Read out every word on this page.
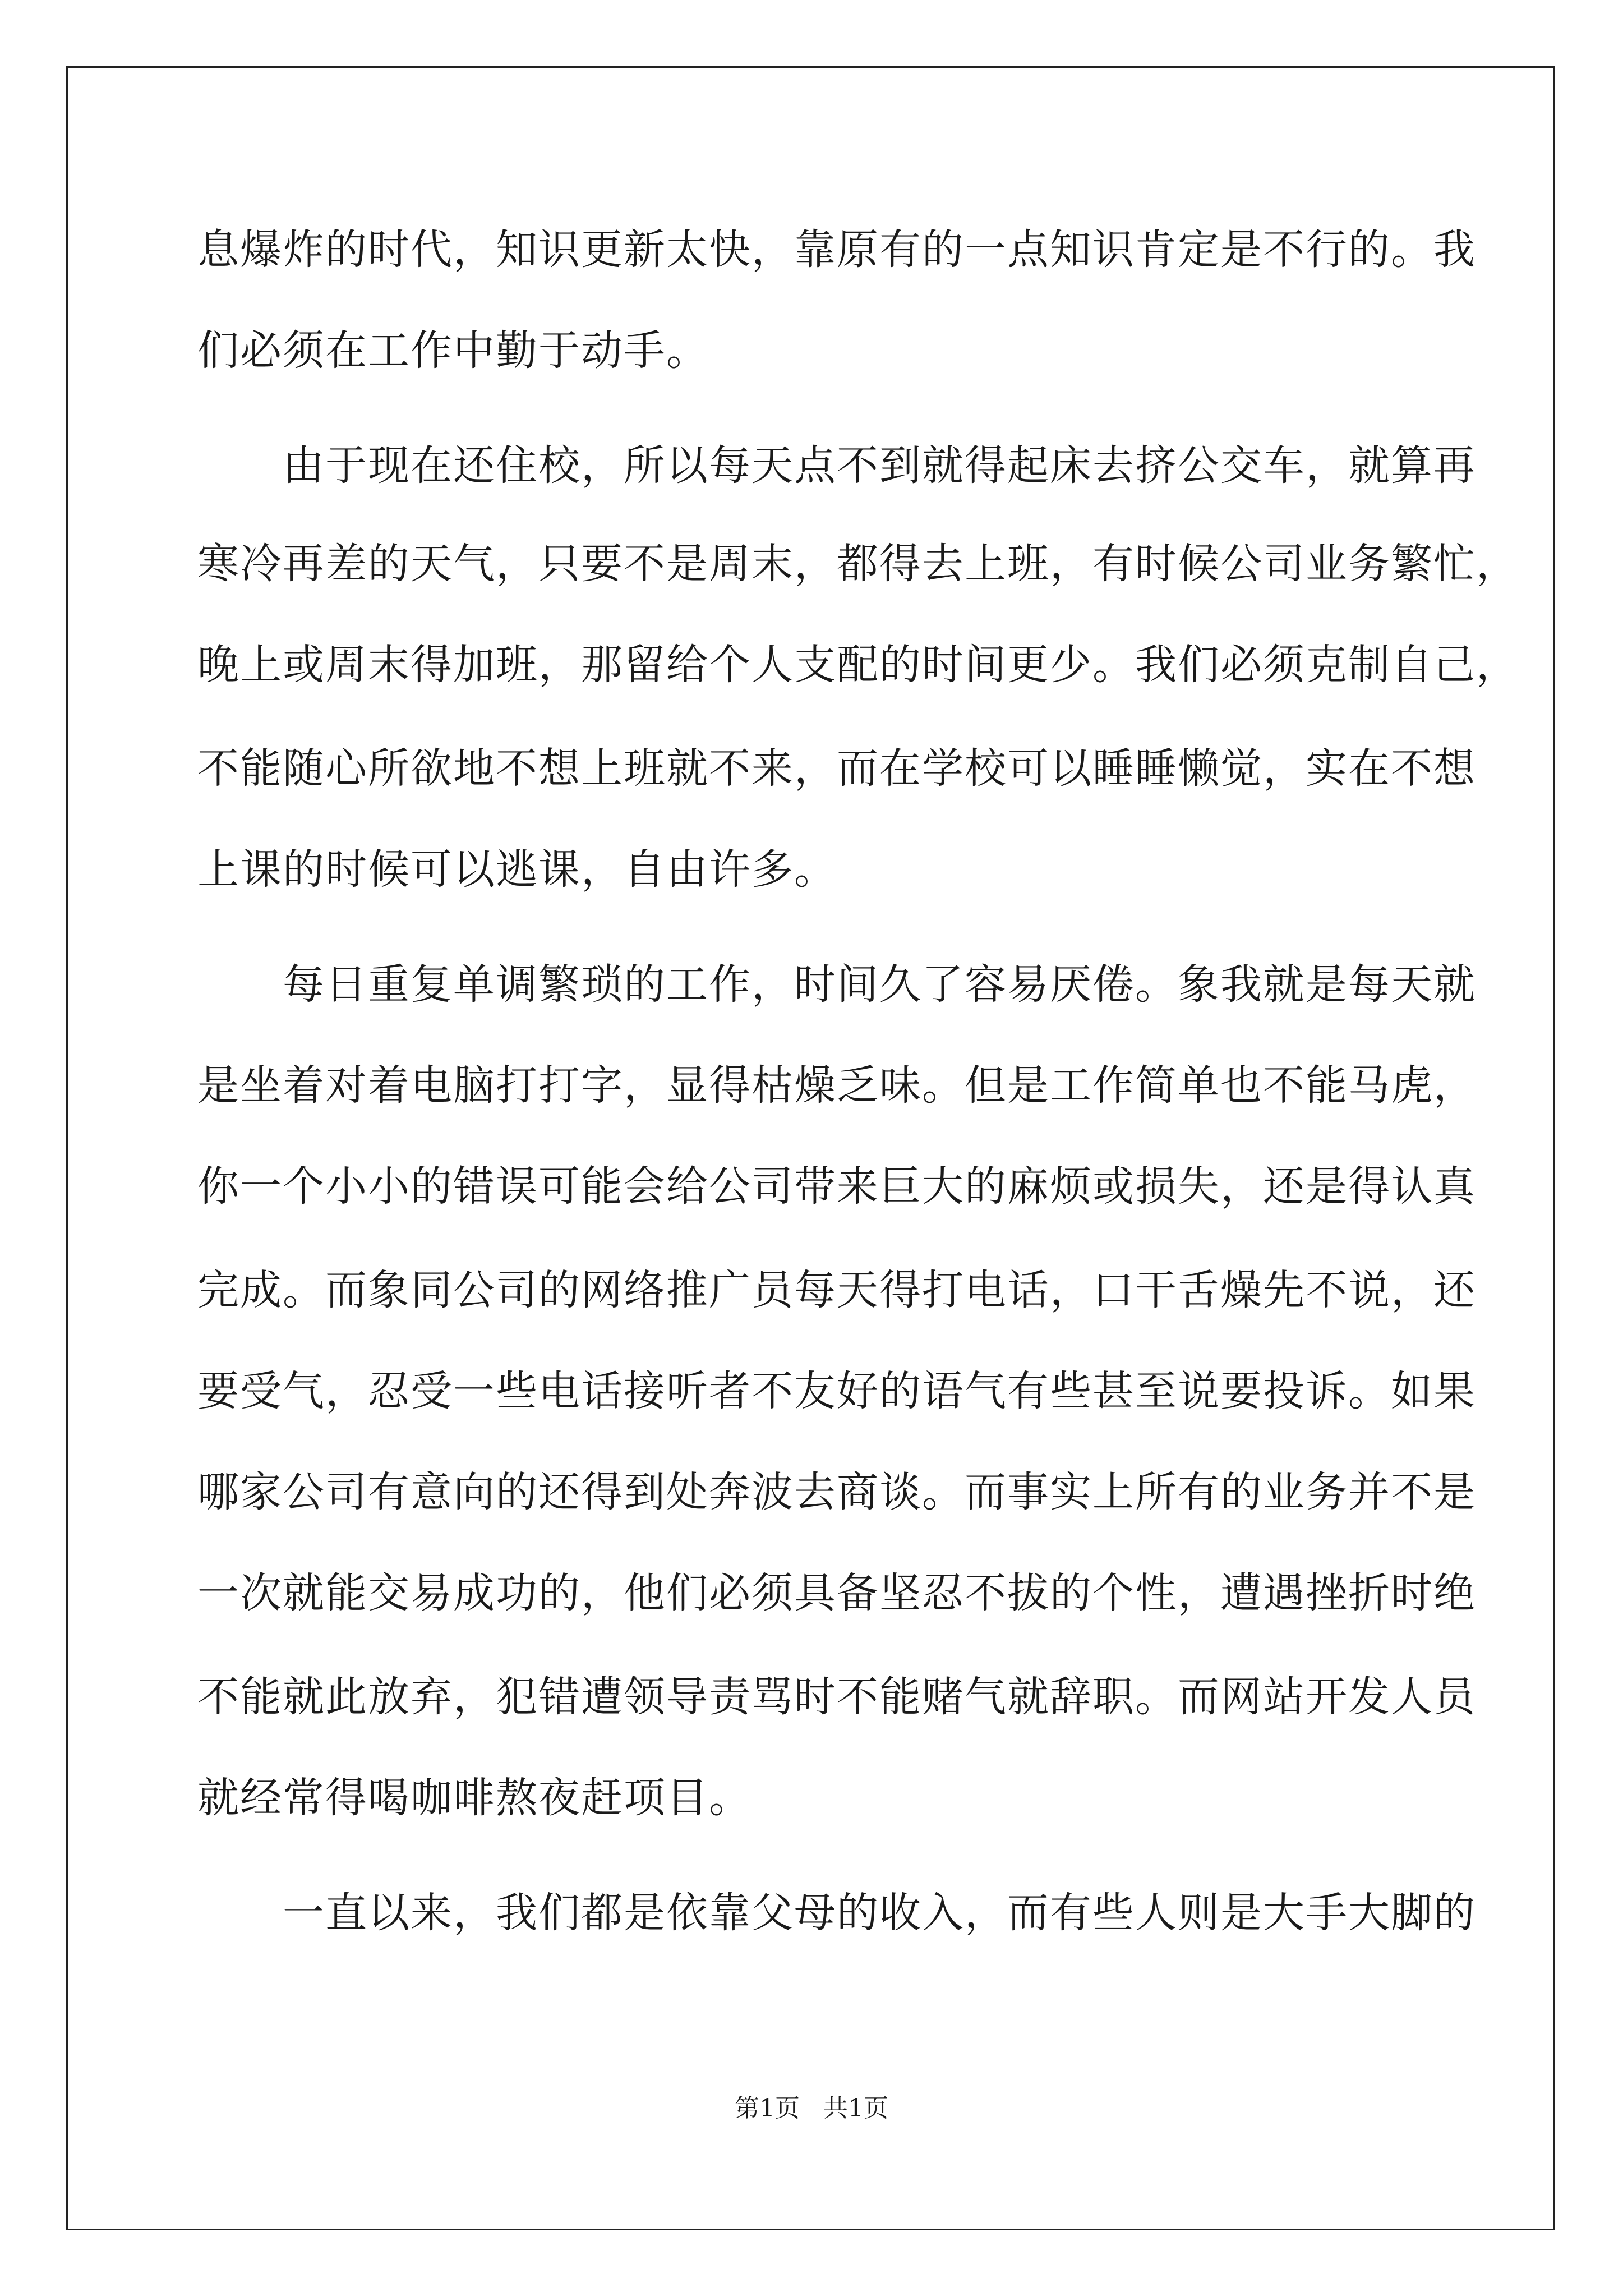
息爆炸的时代，知识更新太快，靠原有的一点知识肯定是不行的。我
们必须在工作中勤于动手。
　　由于现在还住校，所以每天点不到就得起床去挤公交车，就算再
寒冷再差的天气，只要不是周末，都得去上班，有时候公司业务繁忙，
晚上或周末得加班，那留给个人支配的时间更少。我们必须克制自己，
不能随心所欲地不想上班就不来，而在学校可以睡睡懒觉，实在不想
上课的时候可以逃课，自由许多。
　　每日重复单调繁琐的工作，时间久了容易厌倦。象我就是每天就
是坐着对着电脑打打字，显得枯燥乏味。但是工作简单也不能马虎，
你一个小小的错误可能会给公司带来巨大的麻烦或损失，还是得认真
完成。而象同公司的网络推广员每天得打电话，口干舌燥先不说，还
要受气，忍受一些电话接听者不友好的语气有些甚至说要投诉。如果
哪家公司有意向的还得到处奔波去商谈。而事实上所有的业务并不是
一次就能交易成功的，他们必须具备坚忍不拔的个性，遭遇挫折时绝
不能就此放弃，犯错遭领导责骂时不能赌气就辞职。而网站开发人员
就经常得喝咖啡熬夜赶项目。
　　一直以来，我们都是依靠父母的收入，而有些人则是大手大脚的
第1页 共1页
